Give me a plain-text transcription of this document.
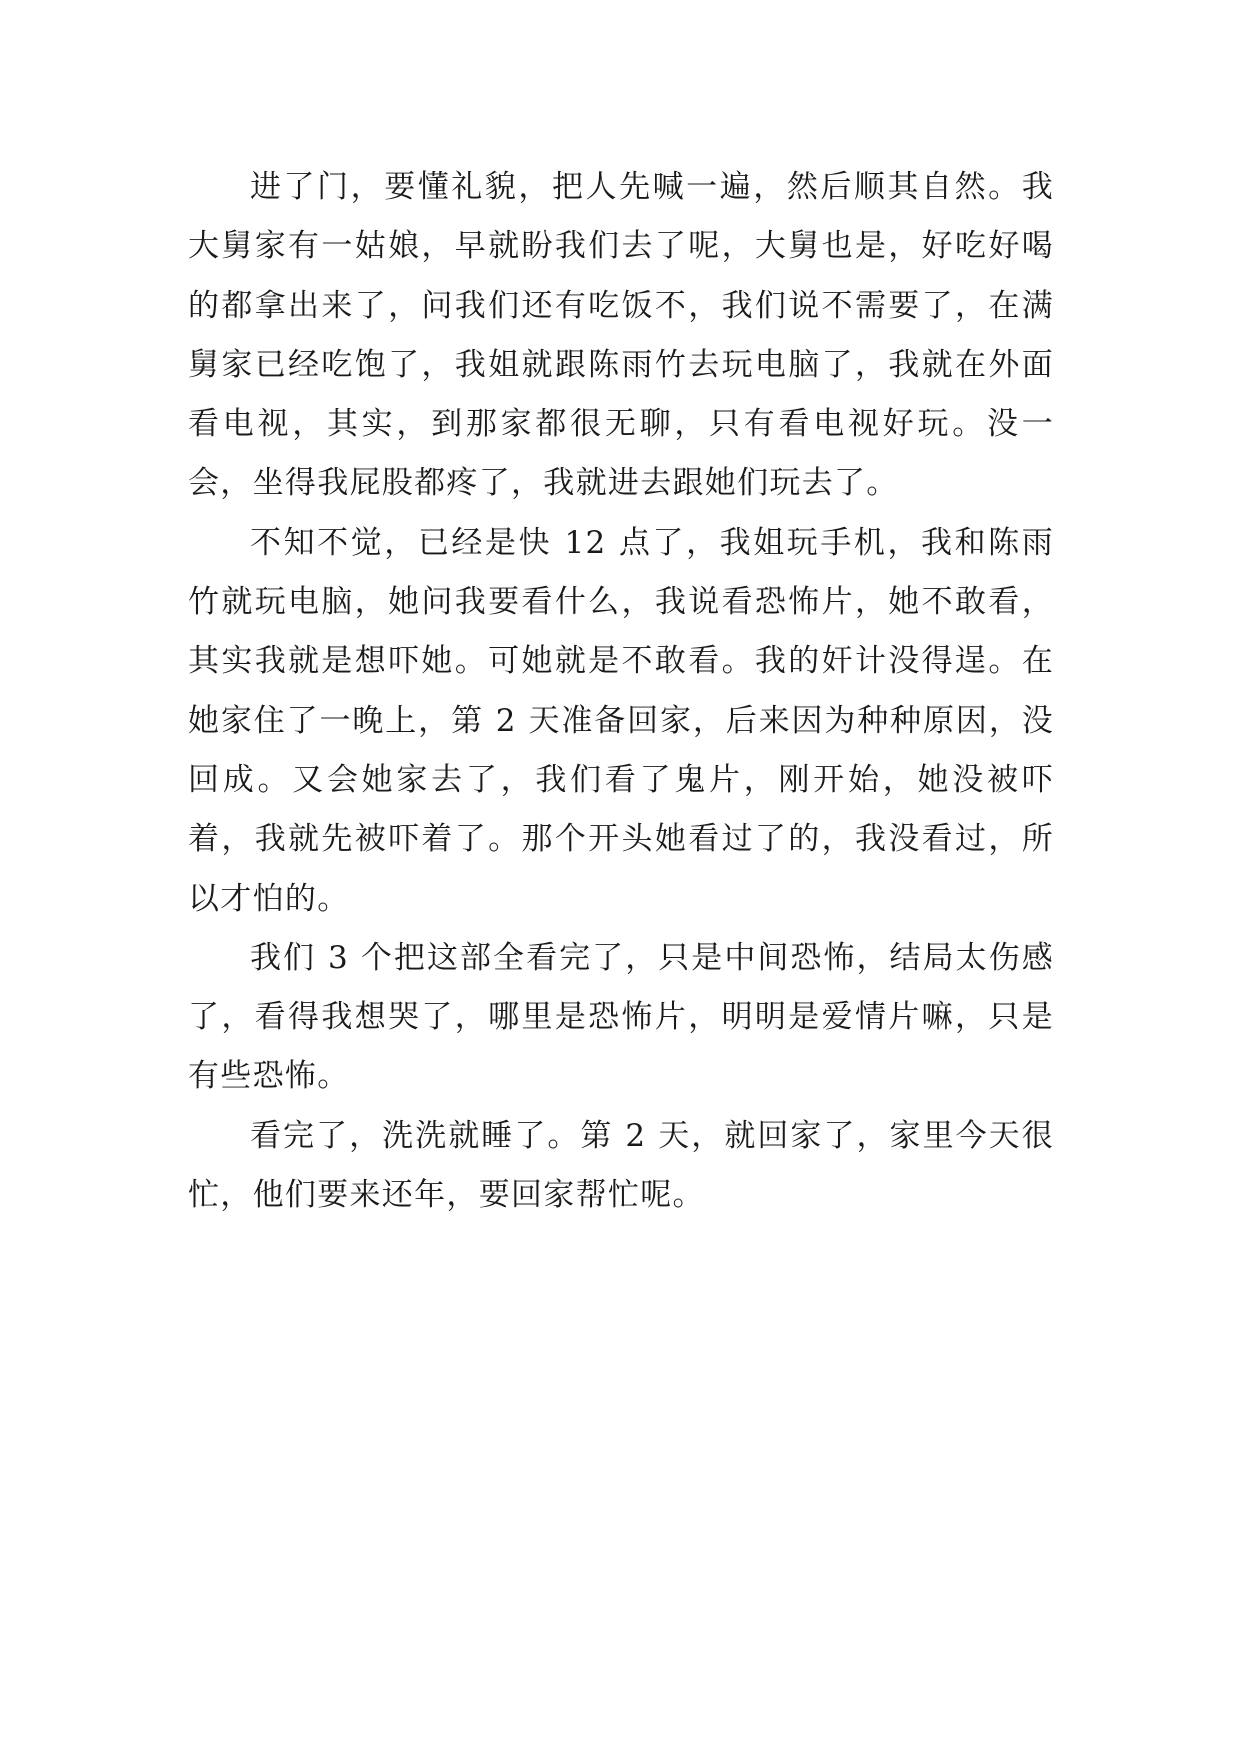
进了门，要懂礼貌，把人先喊一遍，然后顺其自然。我大舅家有一姑娘，早就盼我们去了呢，大舅也是，好吃好喝的都拿出来了，问我们还有吃饭不，我们说不需要了，在满舅家已经吃饱了，我姐就跟陈雨竹去玩电脑了，我就在外面看电视，其实，到那家都很无聊，只有看电视好玩。没一会，坐得我屁股都疼了，我就进去跟她们玩去了。

不知不觉，已经是快 12 点了，我姐玩手机，我和陈雨竹就玩电脑，她问我要看什么，我说看恐怖片，她不敢看，其实我就是想吓她。可她就是不敢看。我的奸计没得逞。在她家住了一晚上，第 2 天准备回家，后来因为种种原因，没回成。又会她家去了，我们看了鬼片，刚开始，她没被吓着，我就先被吓着了。那个开头她看过了的，我没看过，所以才怕的。

我们 3 个把这部全看完了，只是中间恐怖，结局太伤感了，看得我想哭了，哪里是恐怖片，明明是爱情片嘛，只是有些恐怖。

看完了，洗洗就睡了。第 2 天，就回家了，家里今天很忙，他们要来还年，要回家帮忙呢。
